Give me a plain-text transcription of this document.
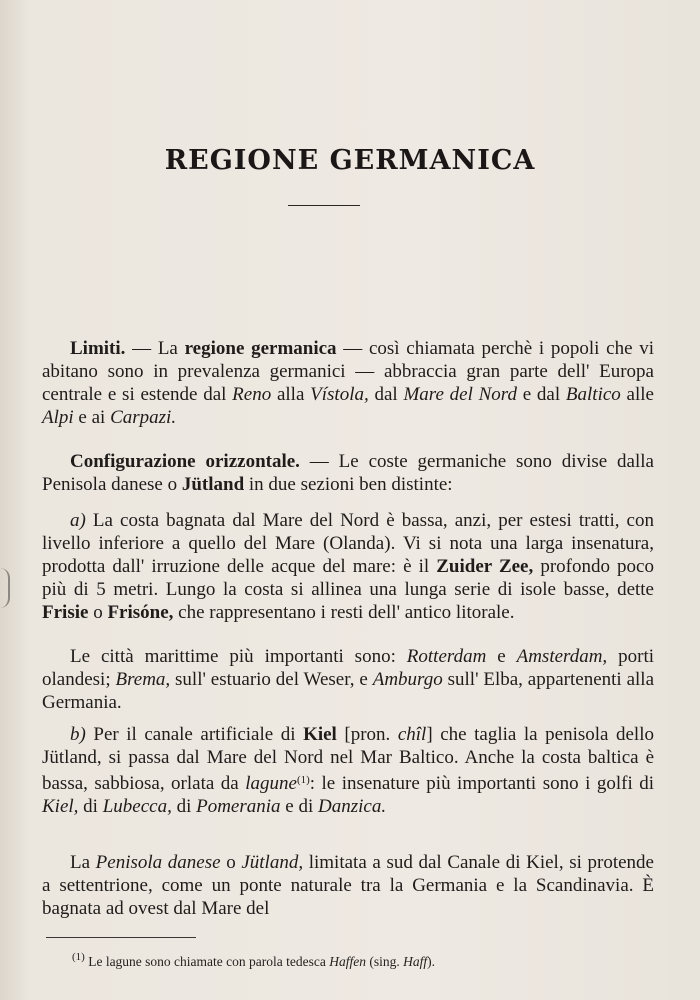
REGIONE GERMANICA

Limiti. — La regione germanica — così chiamata perchè i popoli che vi abitano sono in prevalenza germanici — abbraccia gran parte dell' Europa centrale e si estende dal Reno alla Vístola, dal Mare del Nord e dal Baltico alle Alpi e ai Carpazi.

Configurazione orizzontale. — Le coste germaniche sono divise dalla Penisola danese o Jütland in due sezioni ben distinte:

a) La costa bagnata dal Mare del Nord è bassa, anzi, per estesi tratti, con livello inferiore a quello del Mare (Olanda). Vi si nota una larga insenatura, prodotta dall' irruzione delle acque del mare: è il Zuider Zee, profondo poco più di 5 metri. Lungo la costa si allinea una lunga serie di isole basse, dette Frisie o Frisóne, che rappresentano i resti dell' antico litorale.

Le città marittime più importanti sono: Rotterdam e Amsterdam, porti olandesi; Brema, sull' estuario del Weser, e Amburgo sull' Elba, appartenenti alla Germania.

b) Per il canale artificiale di Kiel [pron. chîl] che taglia la penisola dello Jütland, si passa dal Mare del Nord nel Mar Baltico. Anche la costa baltica è bassa, sabbiosa, orlata da lagune$^{(1)}$: le insenature più importanti sono i golfi di Kiel, di Lubecca, di Pomerania e di Danzica.

La Penisola danese o Jütland, limitata a sud dal Canale di Kiel, si protende a settentrione, come un ponte naturale tra la Germania e la Scandinavia. È bagnata ad ovest dal Mare del

$^{(1)}$ Le lagune sono chiamate con parola tedesca Haffen (sing. Haff).
